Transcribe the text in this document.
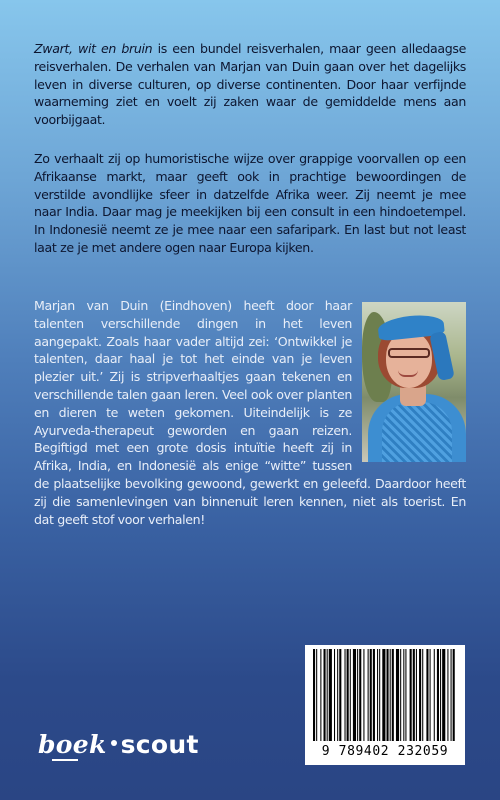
Zwart, wit en bruin is een bundel reisverhalen, maar geen alledaagse reisverhalen. De verhalen van Marjan van Duin gaan over het dagelijks leven in diverse culturen, op diverse continenten. Door haar verfijnde waarneming ziet en voelt zij zaken waar de gemiddelde mens aan voorbijgaat.
Zo verhaalt zij op humoristische wijze over grappige voorvallen op een Afrikaanse markt, maar geeft ook in prachtige bewoordingen de verstilde avondlijke sfeer in datzelfde Afrika weer. Zij neemt je mee naar India. Daar mag je meekijken bij een consult in een hindoetempel. In Indonesië neemt ze je mee naar een safaripark. En last but not least laat ze je met andere ogen naar Europa kijken.
Marjan van Duin (Eindhoven) heeft door haar talenten verschillende dingen in het leven aangepakt. Zoals haar vader altijd zei: ‘Ontwikkel je talenten, daar haal je tot het einde van je leven plezier uit.’ Zij is stripverhaaltjes gaan tekenen en verschillende talen gaan leren. Veel ook over planten en dieren te weten gekomen. Uiteindelijk is ze Ayurveda-therapeut geworden en gaan reizen. Begiftigd met een grote dosis intuïtie heeft zij in Afrika, India, en Indonesië als enige “witte” tussen de plaatselijke bevolking gewoond, gewerkt en geleefd. Daardoor heeft zij die samenlevingen van binnenuit leren kennen, niet als toerist. En dat geeft stof voor verhalen!
boek scout	9 789402 232059
